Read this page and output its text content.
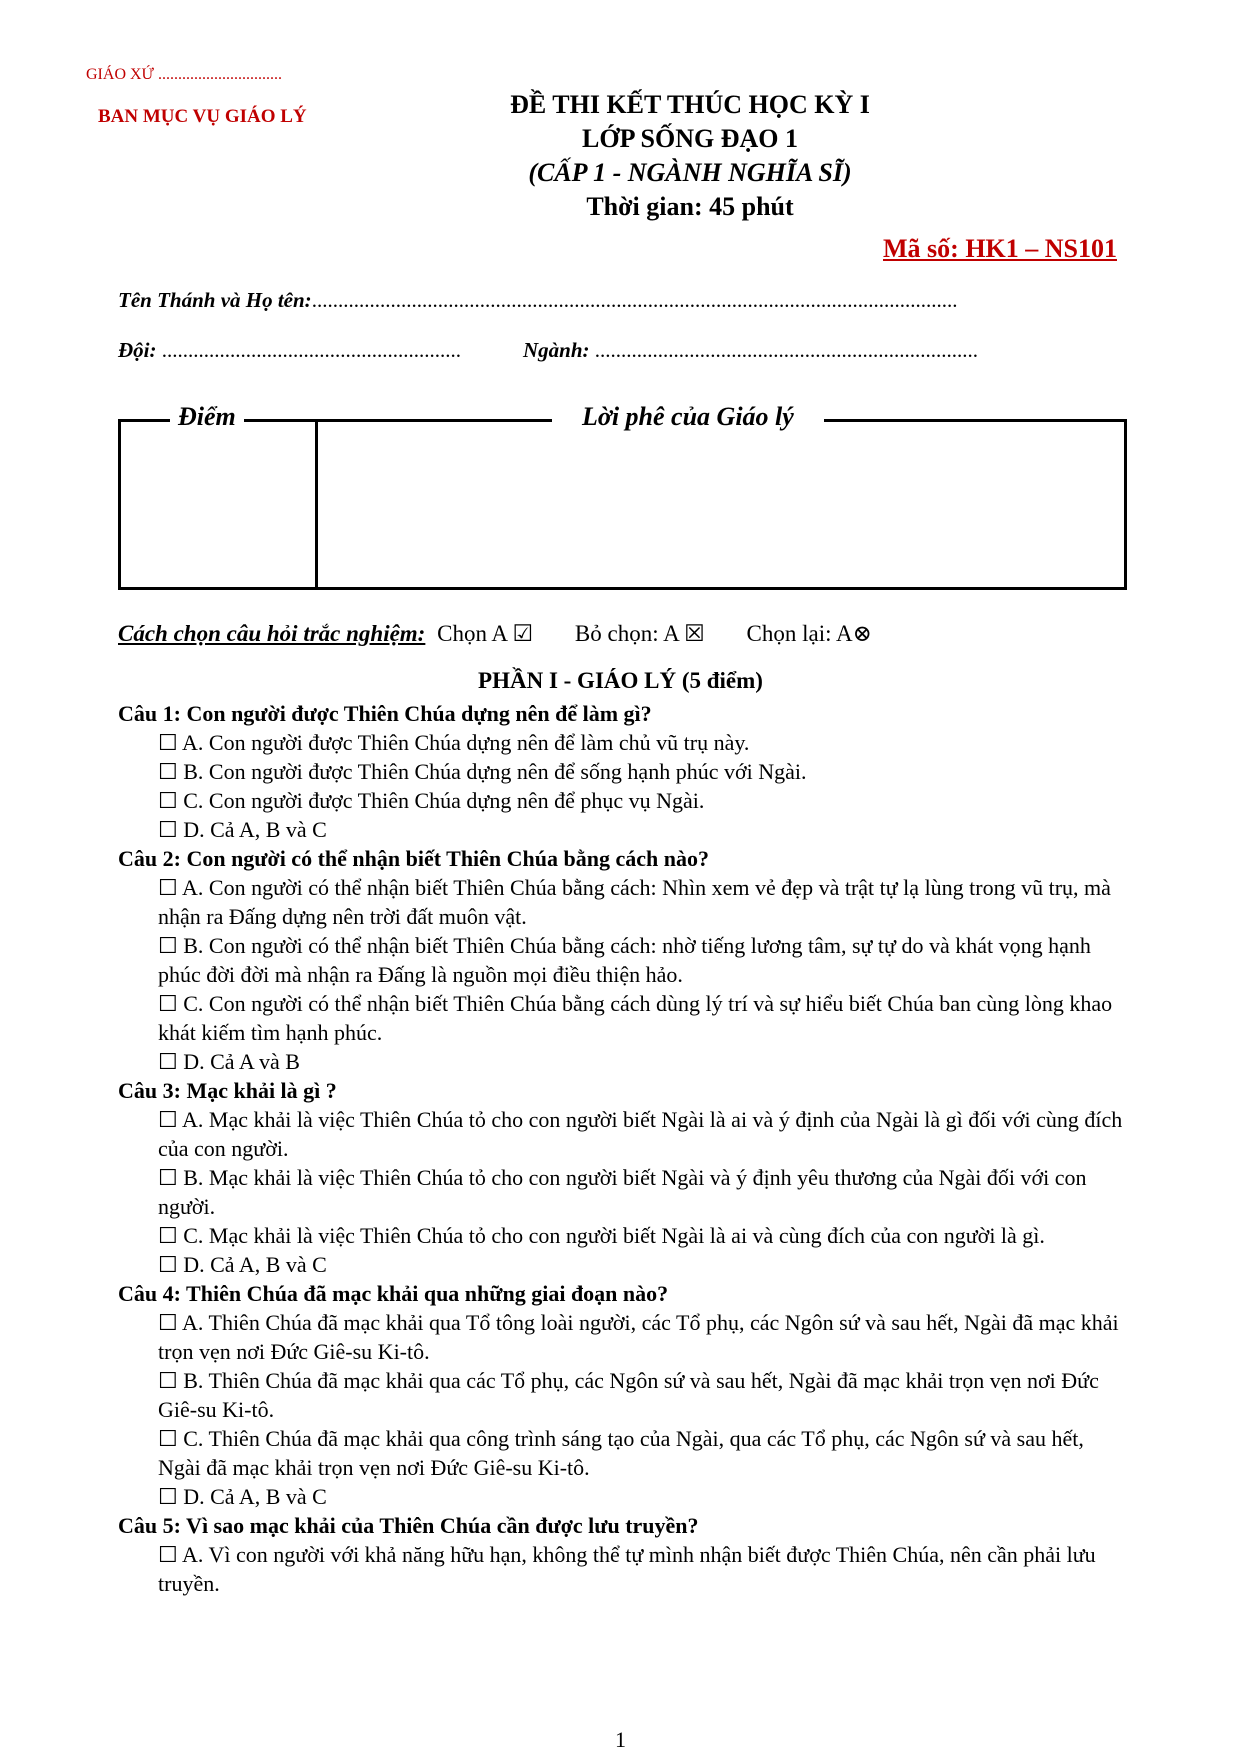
GIÁO XỨ ...............................
BAN MỤC VỤ GIÁO LÝ	ĐỀ THI KẾT THÚC HỌC KỲ I
LỚP SỐNG ĐẠO 1
(CẤP 1 - NGÀNH NGHĨA SĨ)
Thời gian: 45 phút
Mã số: HK1 – NS101
Tên Thánh và Họ tên:...........................................................................................................................
Đội: .........................................................	Ngành: .........................................................................
Điểm	Lời phê của Giáo lý
Cách chọn câu hỏi trắc nghiệm: Chọn A ☑ Bỏ chọn: A ☒ Chọn lại: A⊗
PHẦN I - GIÁO LÝ (5 điểm)
Câu 1: Con người được Thiên Chúa dựng nên để làm gì?
☐ A. Con người được Thiên Chúa dựng nên để làm chủ vũ trụ này.
☐ B. Con người được Thiên Chúa dựng nên để sống hạnh phúc với Ngài.
☐ C. Con người được Thiên Chúa dựng nên để phục vụ Ngài.
☐ D. Cả A, B và C
Câu 2: Con người có thể nhận biết Thiên Chúa bằng cách nào?
☐ A. Con người có thể nhận biết Thiên Chúa bằng cách: Nhìn xem vẻ đẹp và trật tự lạ lùng trong vũ trụ, mà nhận ra Đấng dựng nên trời đất muôn vật.
☐ B. Con người có thể nhận biết Thiên Chúa bằng cách: nhờ tiếng lương tâm, sự tự do và khát vọng hạnh phúc đời đời mà nhận ra Đấng là nguồn mọi điều thiện hảo.
☐ C. Con người có thể nhận biết Thiên Chúa bằng cách dùng lý trí và sự hiểu biết Chúa ban cùng lòng khao khát kiếm tìm hạnh phúc.
☐ D. Cả A và B
Câu 3: Mạc khải là gì ?
☐ A. Mạc khải là việc Thiên Chúa tỏ cho con người biết Ngài là ai và ý định của Ngài là gì đối với cùng đích của con người.
☐ B. Mạc khải là việc Thiên Chúa tỏ cho con người biết Ngài và ý định yêu thương của Ngài đối với con người.
☐ C. Mạc khải là việc Thiên Chúa tỏ cho con người biết Ngài là ai và cùng đích của con người là gì.
☐ D. Cả A, B và C
Câu 4: Thiên Chúa đã mạc khải qua những giai đoạn nào?
☐ A. Thiên Chúa đã mạc khải qua Tổ tông loài người, các Tổ phụ, các Ngôn sứ và sau hết, Ngài đã mạc khải trọn vẹn nơi Đức Giê-su Ki-tô.
☐ B. Thiên Chúa đã mạc khải qua các Tổ phụ, các Ngôn sứ và sau hết, Ngài đã mạc khải trọn vẹn nơi Đức Giê-su Ki-tô.
☐ C. Thiên Chúa đã mạc khải qua công trình sáng tạo của Ngài, qua các Tổ phụ, các Ngôn sứ và sau hết, Ngài đã mạc khải trọn vẹn nơi Đức Giê-su Ki-tô.
☐ D. Cả A, B và C
Câu 5: Vì sao mạc khải của Thiên Chúa cần được lưu truyền?
☐ A. Vì con người với khả năng hữu hạn, không thể tự mình nhận biết được Thiên Chúa, nên cần phải lưu truyền.
1
